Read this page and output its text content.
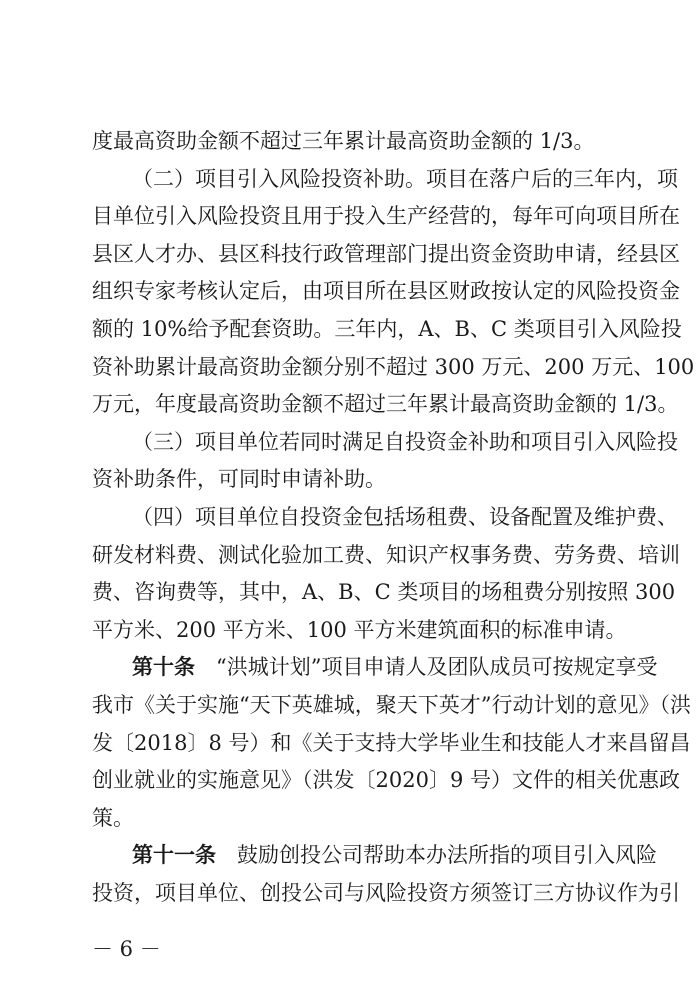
度最高资助金额不超过三年累计最高资助金额的 1/3。
（二）项目引入风险投资补助。项目在落户后的三年内，项
目单位引入风险投资且用于投入生产经营的，每年可向项目所在
县区人才办、县区科技行政管理部门提出资金资助申请，经县区
组织专家考核认定后，由项目所在县区财政按认定的风险投资金
额的 10%给予配套资助。三年内，A、B、C 类项目引入风险投
资补助累计最高资助金额分别不超过 300 万元、200 万元、100
万元，年度最高资助金额不超过三年累计最高资助金额的 1/3。
（三）项目单位若同时满足自投资金补助和项目引入风险投
资补助条件，可同时申请补助。
（四）项目单位自投资金包括场租费、设备配置及维护费、
研发材料费、测试化验加工费、知识产权事务费、劳务费、培训
费、咨询费等，其中，A、B、C 类项目的场租费分别按照 300
平方米、200 平方米、100 平方米建筑面积的标准申请。
第十条  “洪城计划”项目申请人及团队成员可按规定享受
我市《关于实施“天下英雄城，聚天下英才”行动计划的意见》（洪
发〔2018〕8 号）和《关于支持大学毕业生和技能人才来昌留昌
创业就业的实施意见》（洪发〔2020〕9 号）文件的相关优惠政
策。
第十一条  鼓励创投公司帮助本办法所指的项目引入风险
投资，项目单位、创投公司与风险投资方须签订三方协议作为引
－ 6 －
